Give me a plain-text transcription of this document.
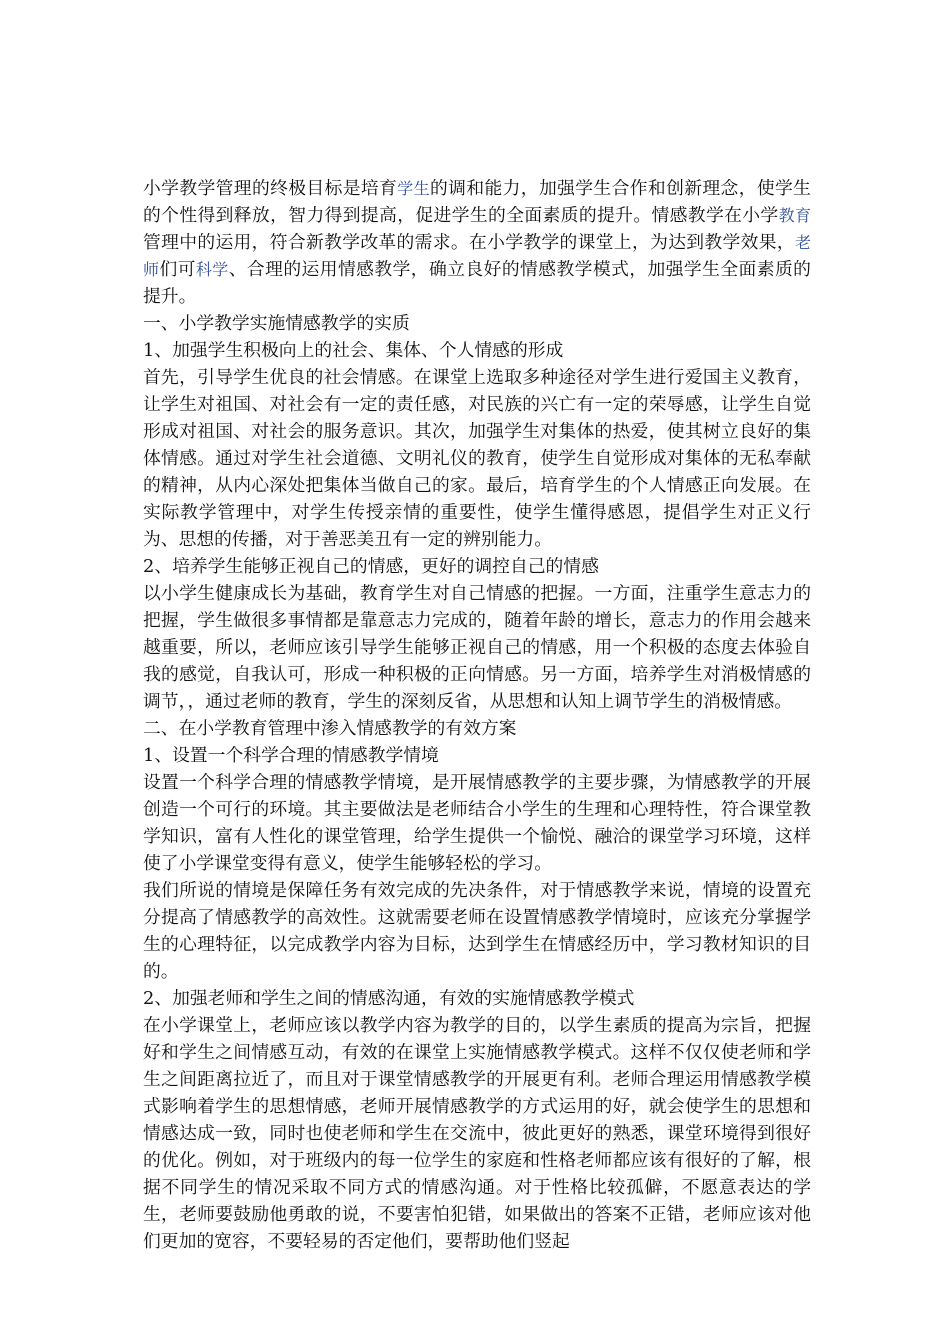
小学教学管理的终极目标是培育学生的调和能力，加强学生合作和创新理念，使学生的个性得到释放，智力得到提高，促进学生的全面素质的提升。情感教学在小学教育管理中的运用，符合新教学改革的需求。在小学教学的课堂上，为达到教学效果，老师们可科学、合理的运用情感教学，确立良好的情感教学模式，加强学生全面素质的提升。

一、小学教学实施情感教学的实质

1、加强学生积极向上的社会、集体、个人情感的形成

首先，引导学生优良的社会情感。在课堂上选取多种途径对学生进行爱国主义教育，让学生对祖国、对社会有一定的责任感，对民族的兴亡有一定的荣辱感，让学生自觉形成对祖国、对社会的服务意识。其次，加强学生对集体的热爱，使其树立良好的集体情感。通过对学生社会道德、文明礼仪的教育，使学生自觉形成对集体的无私奉献的精神，从内心深处把集体当做自己的家。最后，培育学生的个人情感正向发展。在实际教学管理中，对学生传授亲情的重要性，使学生懂得感恩，提倡学生对正义行为、思想的传播，对于善恶美丑有一定的辨别能力。

2、培养学生能够正视自己的情感，更好的调控自己的情感

以小学生健康成长为基础，教育学生对自己情感的把握。一方面，注重学生意志力的把握，学生做很多事情都是靠意志力完成的，随着年龄的增长，意志力的作用会越来越重要，所以，老师应该引导学生能够正视自己的情感，用一个积极的态度去体验自我的感觉，自我认可，形成一种积极的正向情感。另一方面，培养学生对消极情感的调节，，通过老师的教育，学生的深刻反省，从思想和认知上调节学生的消极情感。

二、在小学教育管理中渗入情感教学的有效方案

1、设置一个科学合理的情感教学情境

设置一个科学合理的情感教学情境，是开展情感教学的主要步骤，为情感教学的开展创造一个可行的环境。其主要做法是老师结合小学生的生理和心理特性，符合课堂教学知识，富有人性化的课堂管理，给学生提供一个愉悦、融洽的课堂学习环境，这样使了小学课堂变得有意义，使学生能够轻松的学习。

我们所说的情境是保障任务有效完成的先决条件，对于情感教学来说，情境的设置充分提高了情感教学的高效性。这就需要老师在设置情感教学情境时，应该充分掌握学生的心理特征，以完成教学内容为目标，达到学生在情感经历中，学习教材知识的目的。

2、加强老师和学生之间的情感沟通，有效的实施情感教学模式

在小学课堂上，老师应该以教学内容为教学的目的，以学生素质的提高为宗旨，把握好和学生之间情感互动，有效的在课堂上实施情感教学模式。这样不仅仅使老师和学生之间距离拉近了，而且对于课堂情感教学的开展更有利。老师合理运用情感教学模式影响着学生的思想情感，老师开展情感教学的方式运用的好，就会使学生的思想和情感达成一致，同时也使老师和学生在交流中，彼此更好的熟悉，课堂环境得到很好的优化。例如，对于班级内的每一位学生的家庭和性格老师都应该有很好的了解，根据不同学生的情况采取不同方式的情感沟通。对于性格比较孤僻，不愿意表达的学生，老师要鼓励他勇敢的说，不要害怕犯错，如果做出的答案不正错，老师应该对他们更加的宽容，不要轻易的否定他们，要帮助他们竖起
